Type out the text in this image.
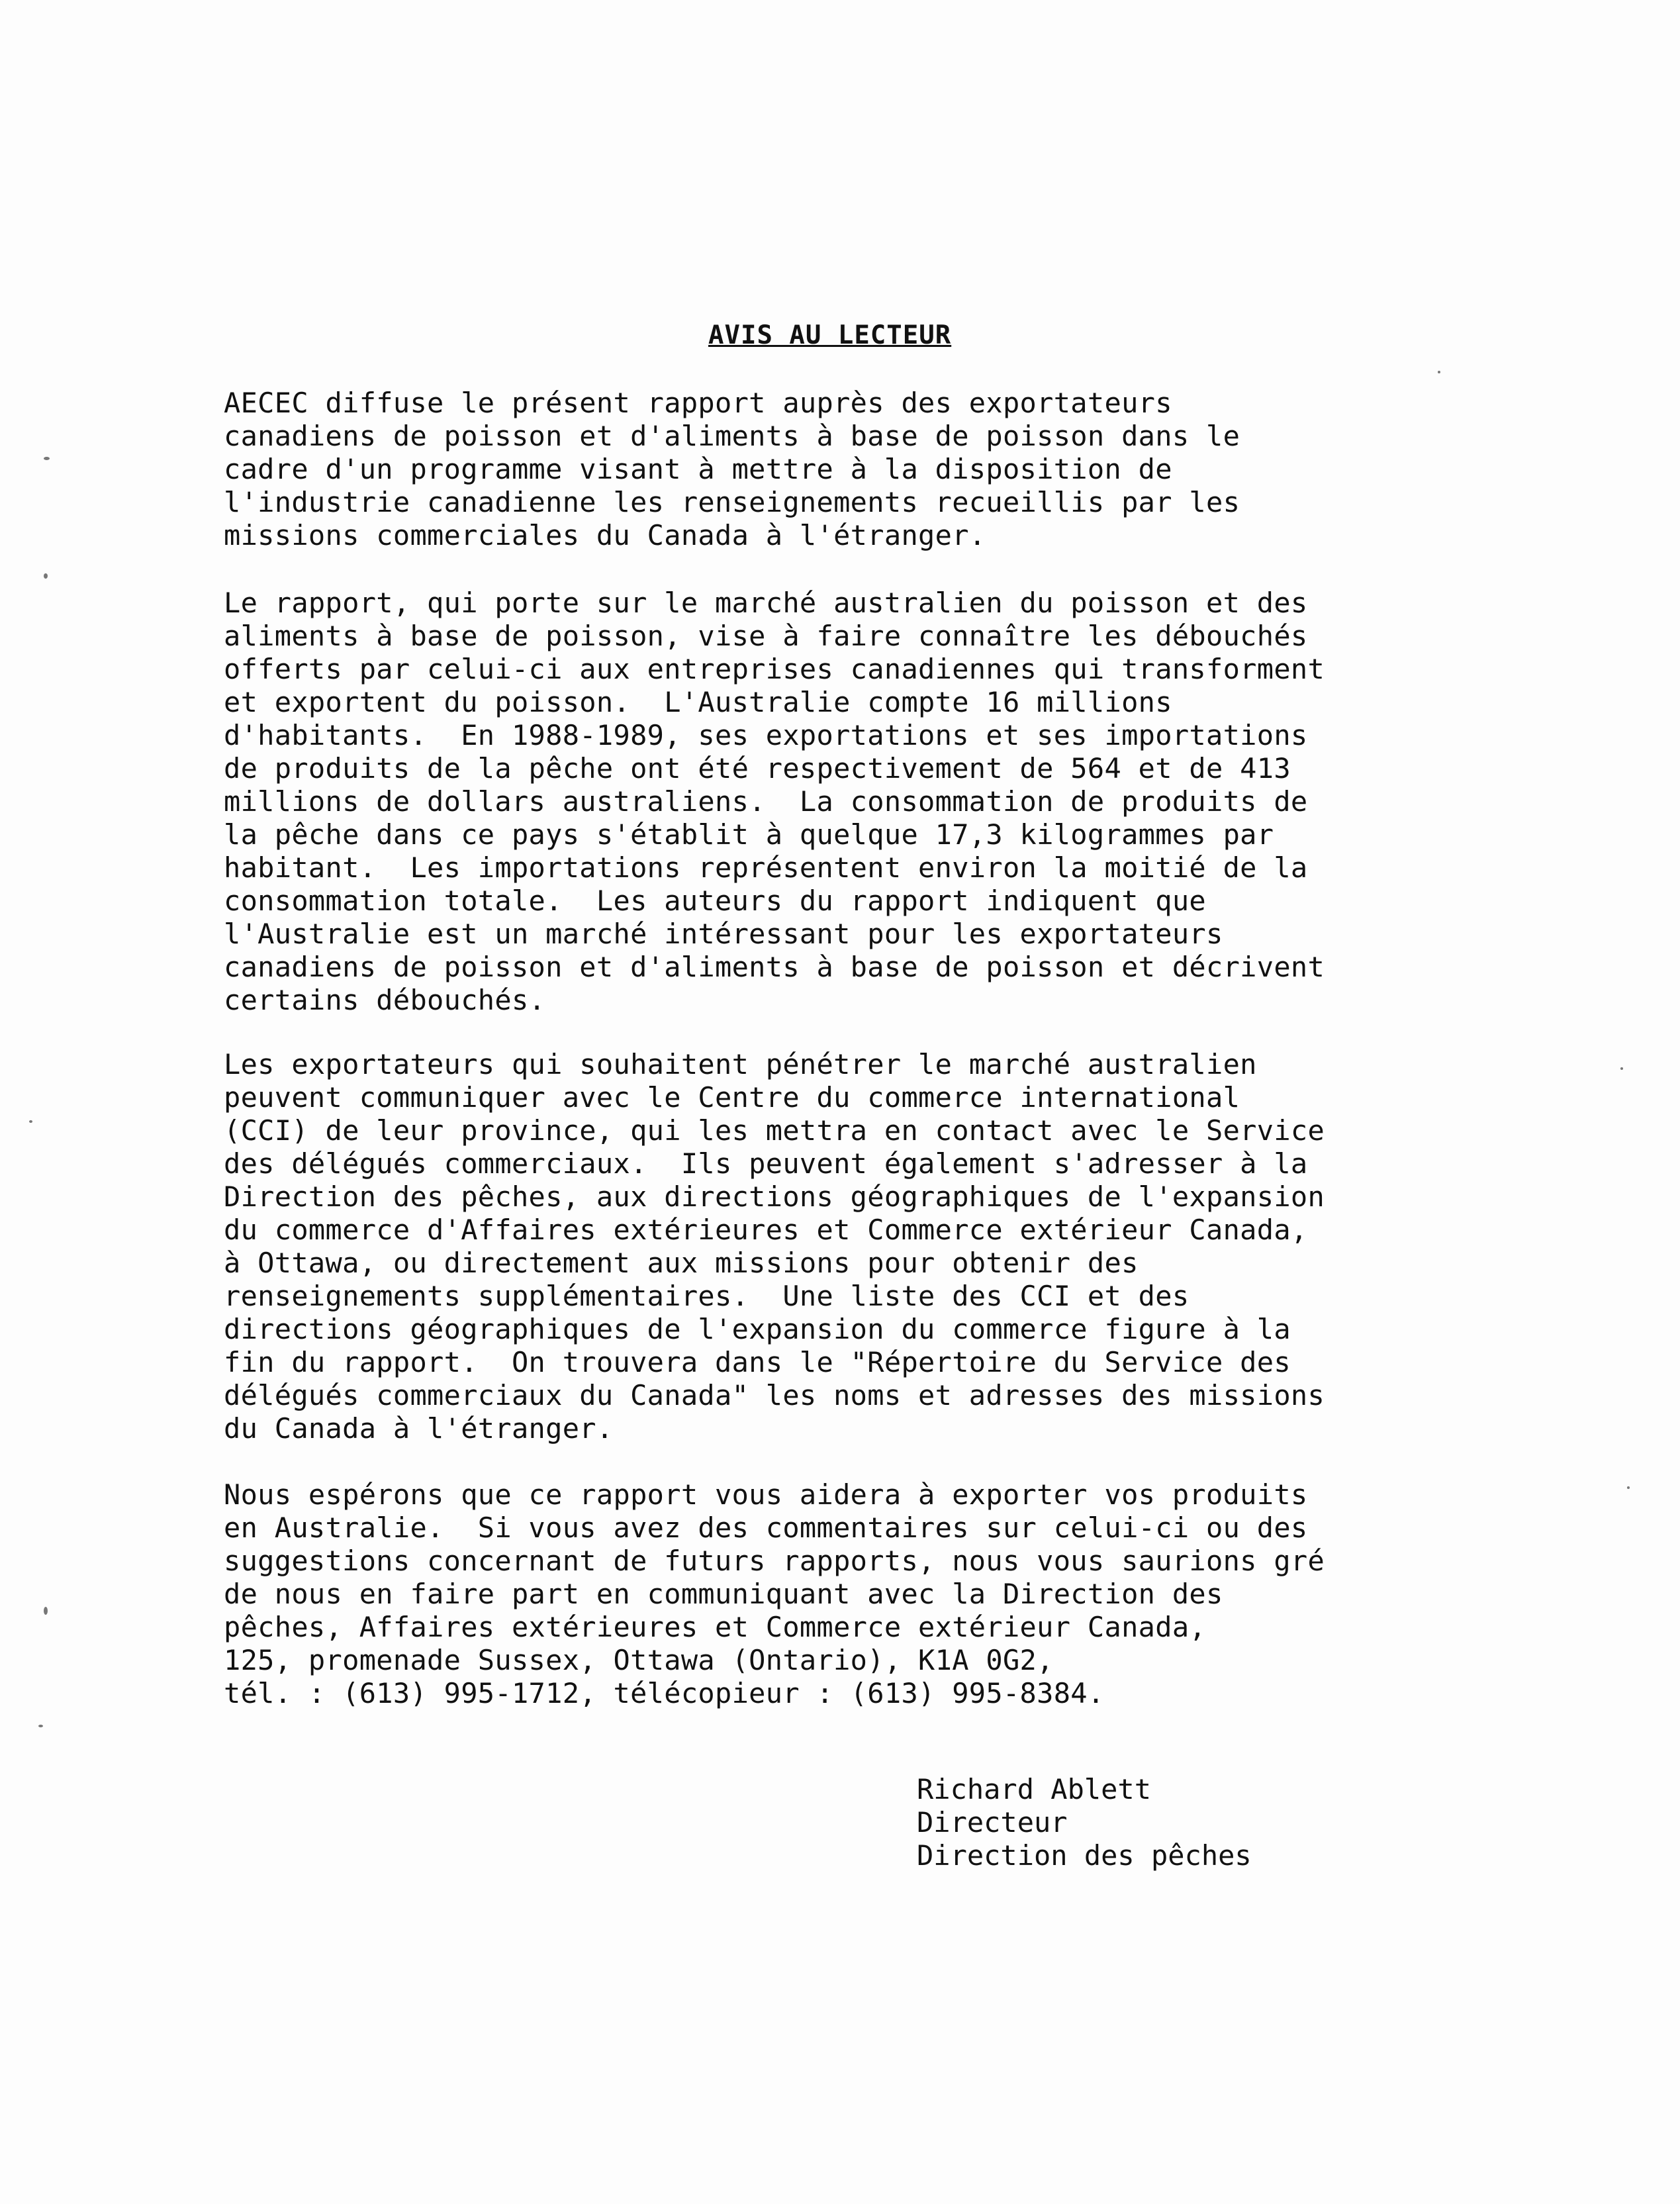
AVIS AU LECTEUR

AECEC diffuse le présent rapport auprès des exportateurs
canadiens de poisson et d'aliments à base de poisson dans le
cadre d'un programme visant à mettre à la disposition de
l'industrie canadienne les renseignements recueillis par les
missions commerciales du Canada à l'étranger.

Le rapport, qui porte sur le marché australien du poisson et des
aliments à base de poisson, vise à faire connaître les débouchés
offerts par celui-ci aux entreprises canadiennes qui transforment
et exportent du poisson.  L'Australie compte 16 millions
d'habitants.  En 1988-1989, ses exportations et ses importations
de produits de la pêche ont été respectivement de 564 et de 413
millions de dollars australiens.  La consommation de produits de
la pêche dans ce pays s'établit à quelque 17,3 kilogrammes par
habitant.  Les importations représentent environ la moitié de la
consommation totale.  Les auteurs du rapport indiquent que
l'Australie est un marché intéressant pour les exportateurs
canadiens de poisson et d'aliments à base de poisson et décrivent
certains débouchés.

Les exportateurs qui souhaitent pénétrer le marché australien
peuvent communiquer avec le Centre du commerce international
(CCI) de leur province, qui les mettra en contact avec le Service
des délégués commerciaux.  Ils peuvent également s'adresser à la
Direction des pêches, aux directions géographiques de l'expansion
du commerce d'Affaires extérieures et Commerce extérieur Canada,
à Ottawa, ou directement aux missions pour obtenir des
renseignements supplémentaires.  Une liste des CCI et des
directions géographiques de l'expansion du commerce figure à la
fin du rapport.  On trouvera dans le "Répertoire du Service des
délégués commerciaux du Canada" les noms et adresses des missions
du Canada à l'étranger.

Nous espérons que ce rapport vous aidera à exporter vos produits
en Australie.  Si vous avez des commentaires sur celui-ci ou des
suggestions concernant de futurs rapports, nous vous saurions gré
de nous en faire part en communiquant avec la Direction des
pêches, Affaires extérieures et Commerce extérieur Canada,
125, promenade Sussex, Ottawa (Ontario), K1A 0G2,
tél. : (613) 995-1712, télécopieur : (613) 995-8384.

Richard Ablett
Directeur
Direction des pêches
